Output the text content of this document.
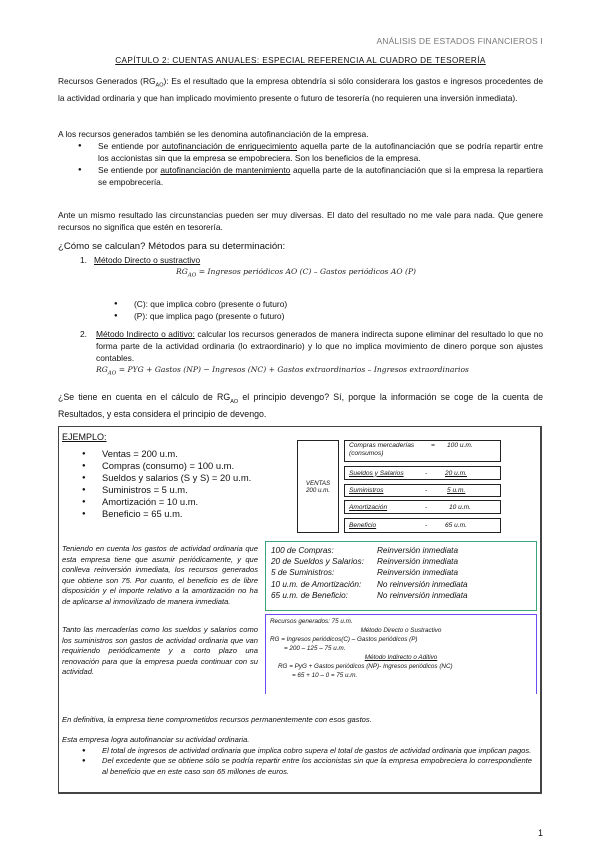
ANÁLISIS DE ESTADOS FINANCIEROS I
CAPÍTULO 2: CUENTAS ANUALES: ESPECIAL REFERENCIA AL CUADRO DE TESORERÍA
Recursos Generados $(RG_{AO})$: Es el resultado que la empresa obtendría si sólo considerara los gastos e ingresos procedentes de la actividad ordinaria y que han implicado movimiento presente o futuro de tesorería (no requieren una inversión inmediata).
A los recursos generados también se les denomina autofinanciación de la empresa.
● Se entiende por autofinanciación de enriquecimiento aquella parte de la autofinanciación que se podría repartir entre los accionistas sin que la empresa se empobreciera. Son los beneficios de la empresa.
● Se entiende por autofinanciación de mantenimiento aquella parte de la autofinanciación que si la empresa la repartiera se empobrecería.
Ante un mismo resultado las circunstancias pueden ser muy diversas. El dato del resultado no me vale para nada. Que genere recursos no significa que estén en tesorería.
¿Cómo se calculan? Métodos para su determinación:
1. Método Directo o sustractivo
$RG_{AO}$ = Ingresos periódicos AO (C) – Gastos periódicos AO (P)
● (C): que implica cobro (presente o futuro)
● (P): que implica pago (presente o futuro)
2.	Método Indirecto o aditivo: calcular los recursos generados de manera indirecta supone eliminar del resultado lo que no forma parte de la actividad ordinaria (lo extraordinario) y lo que no implica movimiento de dinero porque son ajustes contables.
$RG_{AO}$ = PYG + Gastos (NP) − Ingresos (NC) + Gastos extraordinarios – Ingresos extraordinarios
¿Se tiene en cuenta en el cálculo de $RG_{AO}$ el principio devengo? Sí, porque la información se coge de la cuenta de Resultados, y esta considera el principio de devengo.
EJEMPLO:
● Ventas = 200 u.m.
● Compras (consumo) = 100 u.m.
● Sueldos y salarios (S y S) = 20 u.m.
● Suministros = 5 u.m.
● Amortización = 10 u.m.
● Beneficio = 65 u.m.
VENTAS
200 u.m.
Compras mercaderías (consumos)
= 100 u.m.
Sueldos y Salarios	-	20 u.m.
Suministros	-	5 u.m.
Amortización	-	10 u.m.
Beneficio	-	65 u.m.
Teniendo en cuenta los gastos de actividad ordinaria que esta empresa tiene que asumir periódicamente, y que conlleva reinversión inmediata, los recursos generados que obtiene son 75. Por cuanto, el beneficio es de libre disposición y el importe relativo a la amortización no ha de aplicarse al inmovilizado de manera inmediata.
Tanto las mercaderías como los sueldos y salarios como los suministros son gastos de actividad ordinaria que van requiriendo periódicamente y a corto plazo una renovación para que la empresa pueda continuar con su actividad.
100 de Compras:	Reinversión inmediata
20 de Sueldos y Salarios:	Reinversión inmediata
5 de Suministros:	Reinversión inmediata
10 u.m. de Amortización:	No reinversión inmediata
65 u.m. de Beneficio:	No reinversión inmediata
Recursos generados: 75 u.m.
Método Directo o Sustractivo
RG = Ingresos periódicos(C) – Gastos periódicos (P)
= 200 – 125 – 75 u.m.
Método Indirecto o Aditivo
RG = PyG + Gastos periódicos (NP)- Ingresos periódicos (NC)
= 65 + 10 – 0 = 75 u.m.
En definitiva, la empresa tiene comprometidos recursos permanentemente con esos gastos.
Esta empresa logra autofinanciar su actividad ordinaria.
● El total de ingresos de actividad ordinaria que implica cobro supera el total de gastos de actividad ordinaria que implican pagos.
● Del excedente que se obtiene sólo se podría repartir entre los accionistas sin que la empresa empobreciera lo correspondiente al beneficio que en este caso son 65 millones de euros.
1
